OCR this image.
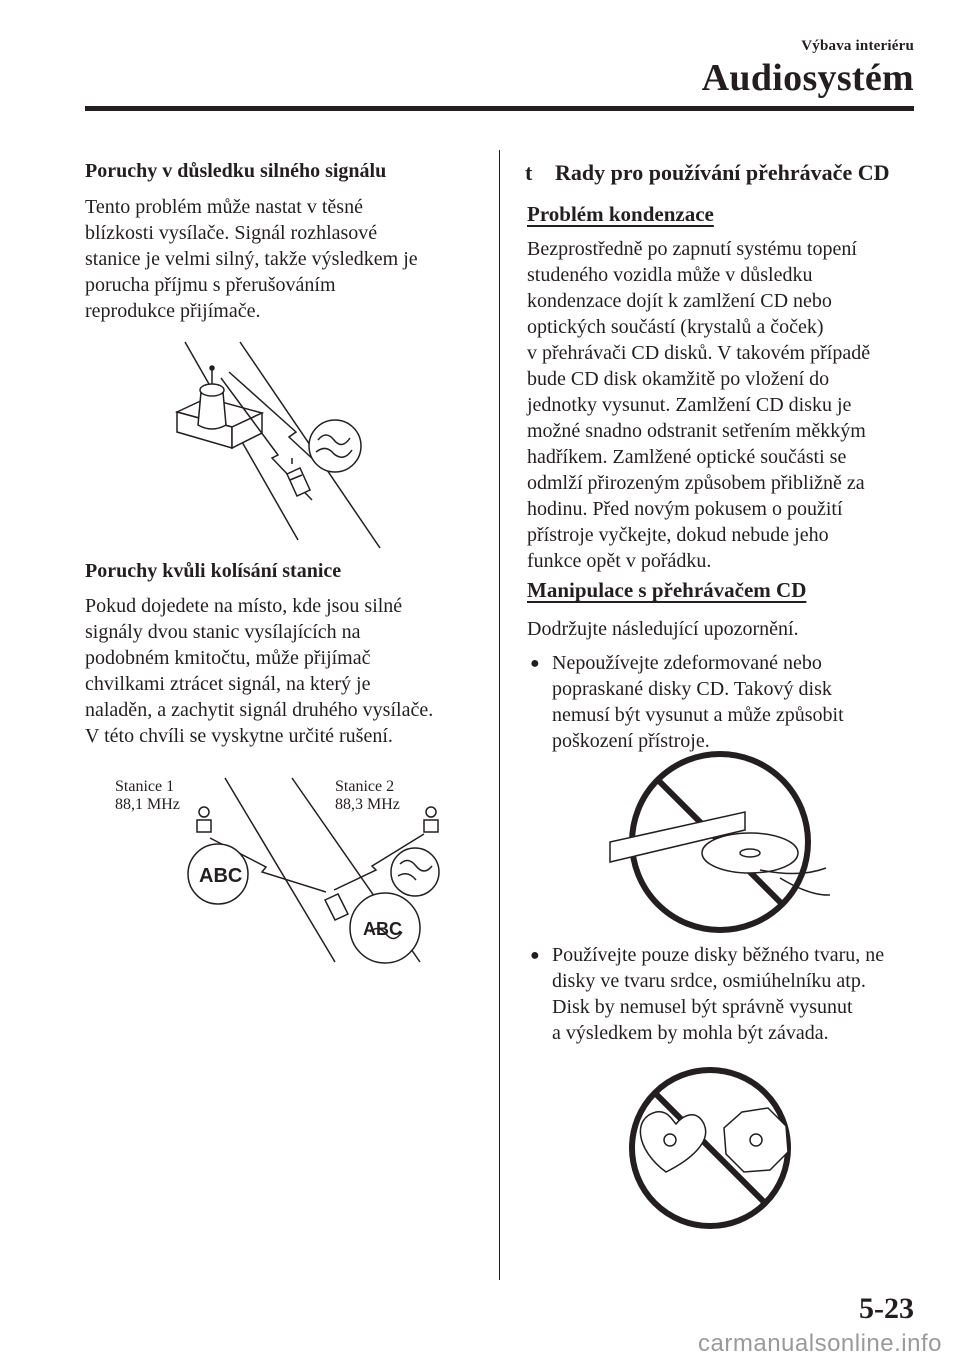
Výbava interiéru
Audiosystém
Poruchy v důsledku silného signálu
Tento problém může nastat v těsné
blízkosti vysílače. Signál rozhlasové
stanice je velmi silný, takže výsledkem je
porucha příjmu s přerušováním
reprodukce přijímače.
Poruchy kvůli kolísání stanice
Pokud dojedete na místo, kde jsou silné
signály dvou stanic vysílajících na
podobném kmitočtu, může přijímač
chvilkami ztrácet signál, na který je
naladěn, a zachytit signál druhého vysílače.
V této chvíli se vyskytne určité rušení.
Stanice 1
88,1 MHz
Stanice 2
88,3 MHz
ABC
ABC
t Rady pro používání přehrávače CD
Problém kondenzace
Bezprostředně po zapnutí systému topení
studeného vozidla může v důsledku
kondenzace dojít k zamlžení CD nebo
optických součástí (krystalů a čoček)
v přehrávači CD disků. V takovém případě
bude CD disk okamžitě po vložení do
jednotky vysunut. Zamlžení CD disku je
možné snadno odstranit setřením měkkým
hadříkem. Zamlžené optické součásti se
odmlží přirozeným způsobem přibližně za
hodinu. Před novým pokusem o použití
přístroje vyčkejte, dokud nebude jeho
funkce opět v pořádku.
Manipulace s přehrávačem CD
Dodržujte následující upozornění.
● Nepoužívejte zdeformované nebo
popraskané disky CD. Takový disk
nemusí být vysunut a může způsobit
poškození přístroje.
● Používejte pouze disky běžného tvaru, ne
disky ve tvaru srdce, osmiúhelníku atp.
Disk by nemusel být správně vysunut
a výsledkem by mohla být závada.
5-23
carmanualsonline.info
